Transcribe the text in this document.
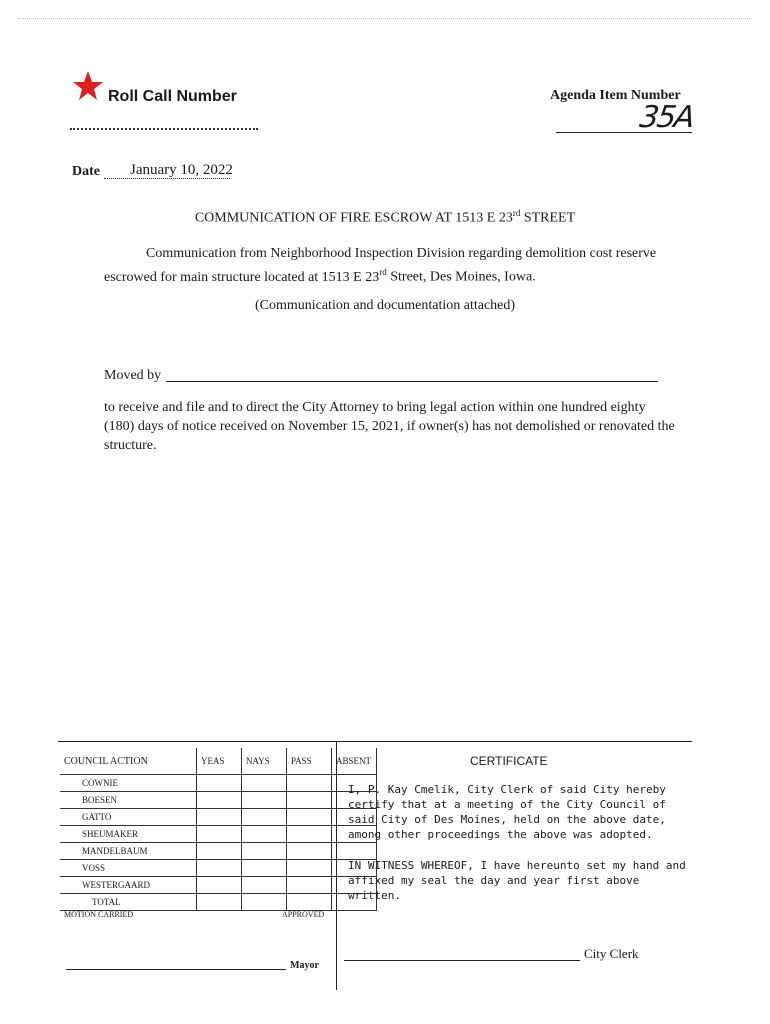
Roll Call Number	Agenda Item Number
35A
Date January 10, 2022
COMMUNICATION OF FIRE ESCROW AT 1513 E 23rd STREET
Communication from Neighborhood Inspection Division regarding demolition cost reserve escrowed for main structure located at 1513 E 23rd Street, Des Moines, Iowa.
(Communication and documentation attached)
Moved by
to receive and file and to direct the City Attorney to bring legal action within one hundred eighty (180) days of notice received on November 15, 2021, if owner(s) has not demolished or renovated the structure.
COUNCIL ACTION	YEAS	NAYS	PASS	ABSENT
COWNIE				
BOESEN				
GATTO				
SHEUMAKER				
MANDELBAUM				
VOSS				
WESTERGAARD				
TOTAL				
MOTION CARRIED	APPROVED
Mayor
CERTIFICATE
I, P. Kay Cmelik, City Clerk of said City hereby certify that at a meeting of the City Council of said City of Des Moines, held on the above date, among other proceedings the above was adopted.
IN WITNESS WHEREOF, I have hereunto set my hand and affixed my seal the day and year first above written.
City Clerk
